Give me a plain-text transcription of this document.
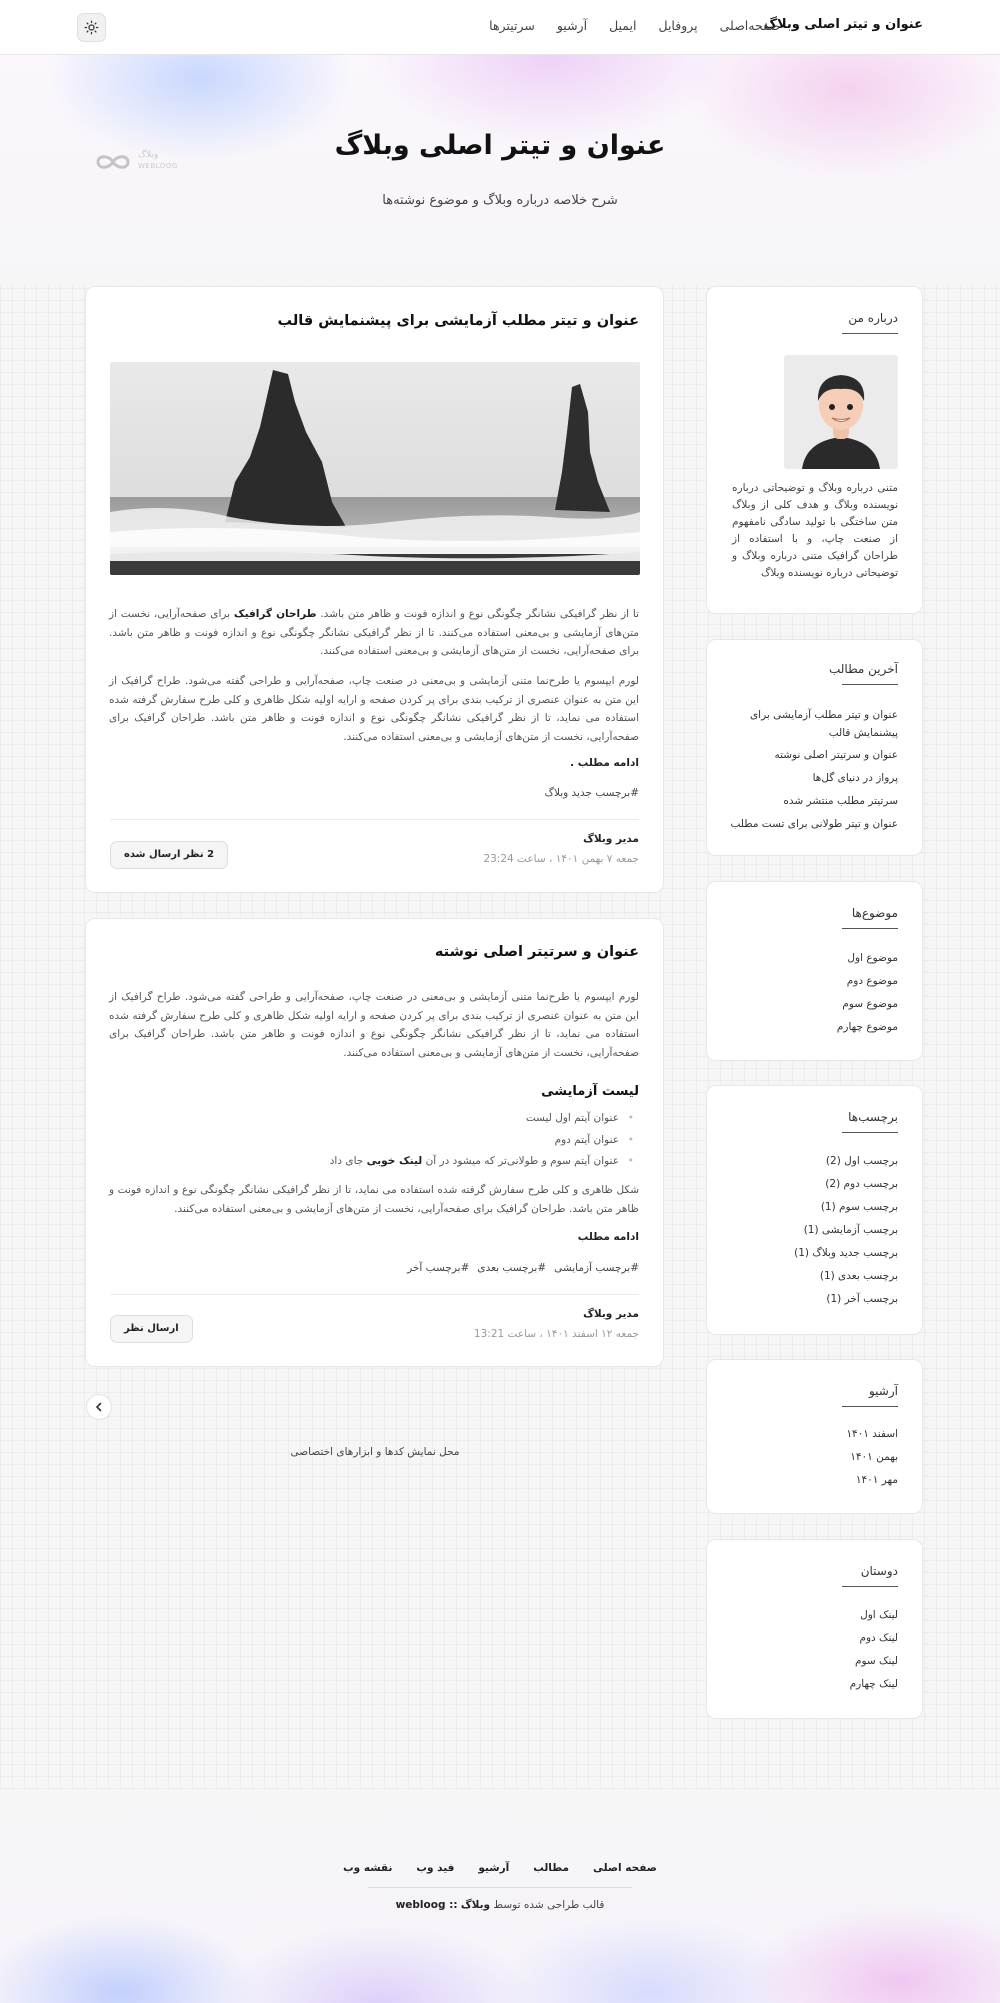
عنوان و تیتر اصلی وبلاگ
صفحه‌اصلی
پروفایل
ایمیل
آرشیو
سرتیترها
عنوان و تیتر اصلی وبلاگ
شرح خلاصه درباره وبلاگ و موضوع نوشته‌ها
وبلاگ
WEBLOOG
عنوان و تیتر مطلب آزمایشی برای پیشنمایش قالب
تا از نظر گرافیکی نشانگر چگونگی نوع و اندازه فونت و ظاهر متن باشد. طراحان گرافیک برای صفحه‌آرایی، نخست از متن‌های آزمایشی و بی‌معنی استفاده می‌کنند. تا از نظر گرافیکی نشانگر چگونگی نوع و اندازه فونت و ظاهر متن باشد. برای صفحه‌آرایی، نخست از متن‌های آزمایشی و بی‌معنی استفاده می‌کنند.
لورم ایپسوم یا طرح‌نما متنی آزمایشی و بی‌معنی در صنعت چاپ، صفحه‌آرایی و طراحی گفته می‌شود. طراح گرافیک از این متن به عنوان عنصری از ترکیب بندی برای پر کردن صفحه و ارایه اولیه شکل ظاهری و کلی طرح سفارش گرفته شده استفاده می نماید، تا از نظر گرافیکی نشانگر چگونگی نوع و اندازه فونت و ظاهر متن باشد. طراحان گرافیک برای صفحه‌آرایی، نخست از متن‌های آزمایشی و بی‌معنی استفاده می‌کنند.
ادامه مطلب .
#برچسب جدید وبلاگ
مدیر وبلاگ
جمعه ۷ بهمن ۱۴۰۱ ، ساعت 23:24
2 نظر ارسال شده
عنوان و سرتیتر اصلی نوشته
لورم ایپسوم یا طرح‌نما متنی آزمایشی و بی‌معنی در صنعت چاپ، صفحه‌آرایی و طراحی گفته می‌شود. طراح گرافیک از این متن به عنوان عنصری از ترکیب بندی برای پر کردن صفحه و ارایه اولیه شکل ظاهری و کلی طرح سفارش گرفته شده استفاده می نماید، تا از نظر گرافیکی نشانگر چگونگی نوع و اندازه فونت و ظاهر متن باشد. طراحان گرافیک برای صفحه‌آرایی، نخست از متن‌های آزمایشی و بی‌معنی استفاده می‌کنند.
لیست آزمایشی
عنوان آیتم اول لیست •
عنوان آیتم دوم •
عنوان آیتم سوم و طولانی‌تر که میشود در آن لینک خوبی جای داد •
شکل ظاهری و کلی طرح سفارش گرفته شده استفاده می نماید، تا از نظر گرافیکی نشانگر چگونگی نوع و اندازه فونت و ظاهر متن باشد. طراحان گرافیک برای صفحه‌آرایی، نخست از متن‌های آزمایشی و بی‌معنی استفاده می‌کنند.
ادامه مطلب
#برچسب آزمایشی
#برچسب بعدی
#برچسب آخر
مدیر وبلاگ
جمعه ۱۲ اسفند ۱۴۰۱ ، ساعت 13:21
ارسال نظر
محل نمایش کدها و ابزارهای اختصاصی
درباره من
متنی درباره وبلاگ و توضیحاتی درباره نویسنده وبلاگ و هدف کلی از وبلاگ متن ساختگی با تولید سادگی نامفهوم از صنعت چاپ، و با استفاده از طراحان گرافیک متنی درباره وبلاگ و توضیحاتی درباره نویسنده وبلاگ
آخرین مطالب
عنوان و تیتر مطلب آزمایشی برای پیشنمایش قالب
عنوان و سرتیتر اصلی نوشته
پرواز در دنیای گل‌ها
سرتیتر مطلب منتشر شده
عنوان و تیتر طولانی برای تست مطلب
موضوع‌ها
موضوع اول
موضوع دوم
موضوع سوم
موضوع چهارم
برچسب‌ها
برچسب اول (2)
برچسب دوم (2)
برچسب سوم (1)
برچسب آزمایشی (1)
برچسب جدید وبلاگ (1)
برچسب بعدی (1)
برچسب آخر (1)
آرشیو
اسفند ۱۴۰۱
بهمن ۱۴۰۱
مهر ۱۴۰۱
دوستان
لینک اول
لینک دوم
لینک سوم
لینک چهارم
صفحه اصلی
مطالب
آرشیو
فید وب
نقشه وب
قالب طراحی شده توسط وبلاگ :: webloog
